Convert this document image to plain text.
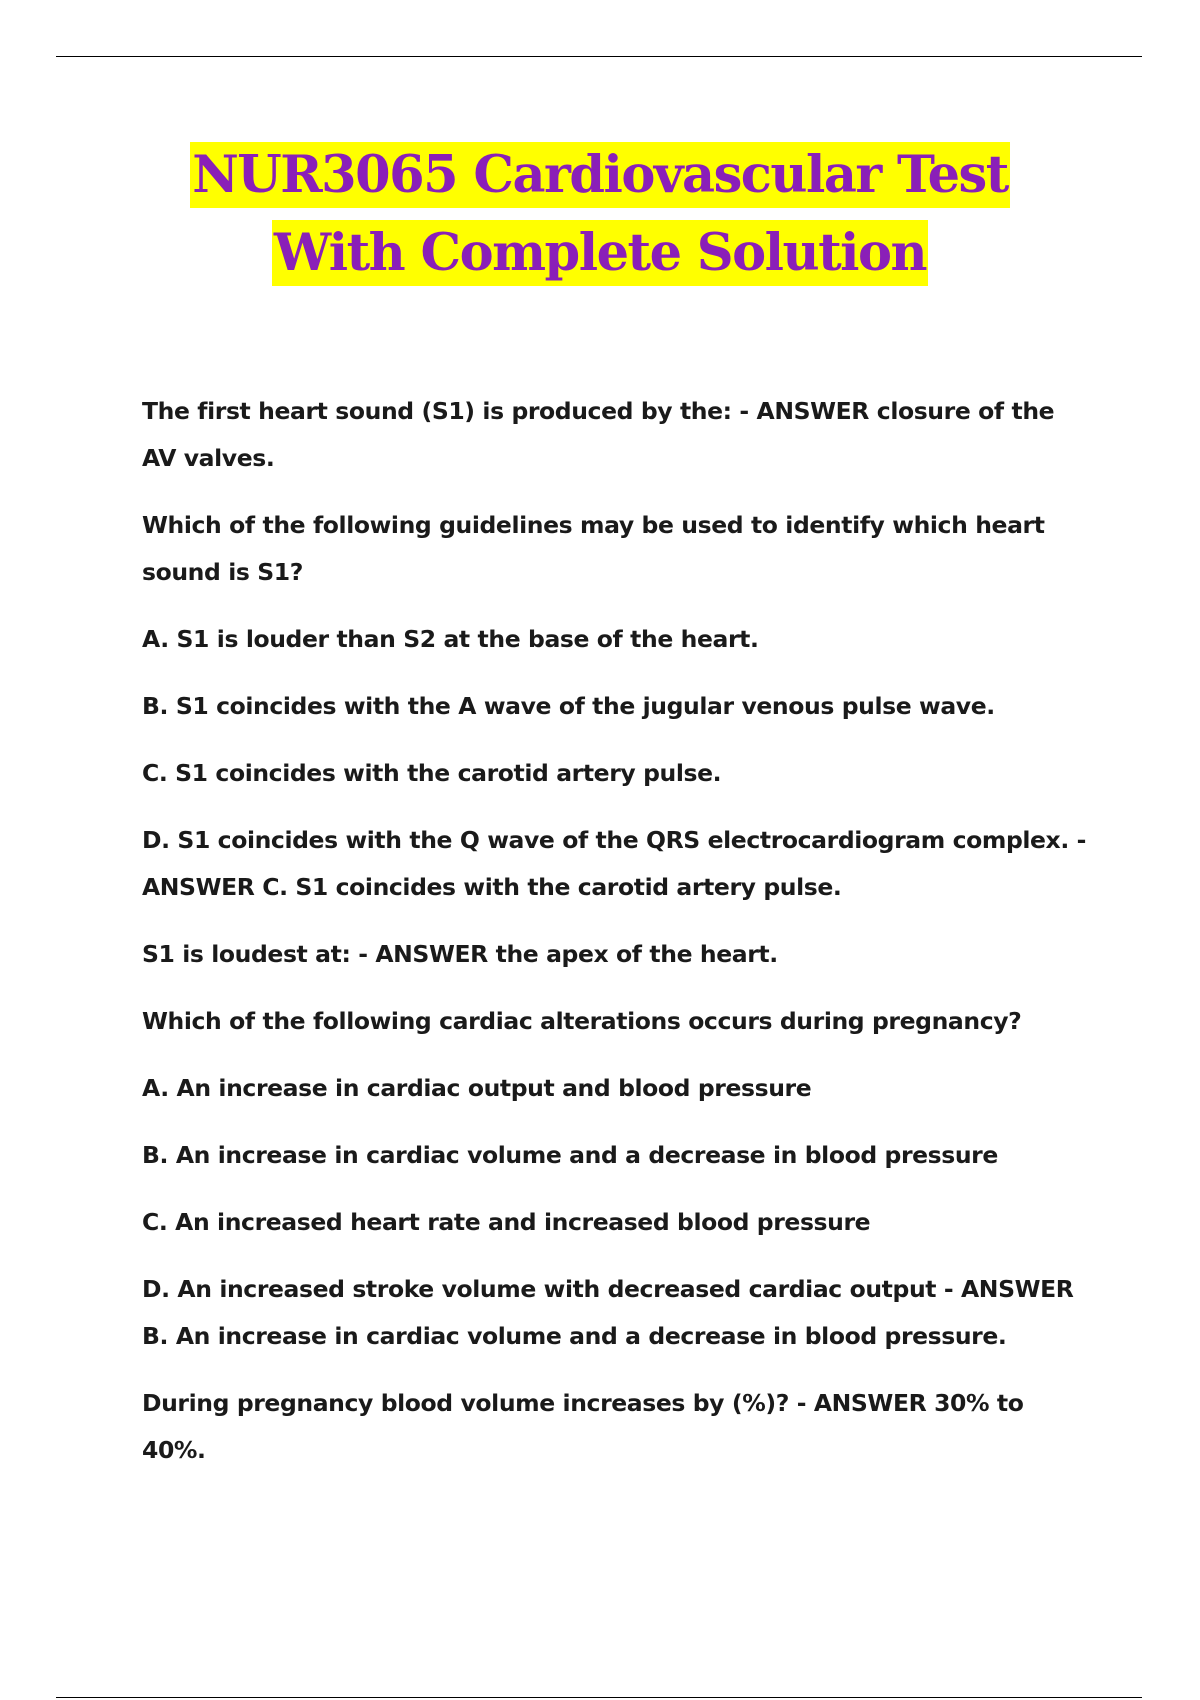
NUR3065 Cardiovascular Test
With Complete Solution

The first heart sound (S1) is produced by the: - ANSWER closure of the AV valves.

Which of the following guidelines may be used to identify which heart sound is S1?

A. S1 is louder than S2 at the base of the heart.

B. S1 coincides with the A wave of the jugular venous pulse wave.

C. S1 coincides with the carotid artery pulse.

D. S1 coincides with the Q wave of the QRS electrocardiogram complex. - ANSWER C. S1 coincides with the carotid artery pulse.

S1 is loudest at: - ANSWER the apex of the heart.

Which of the following cardiac alterations occurs during pregnancy?

A. An increase in cardiac output and blood pressure

B. An increase in cardiac volume and a decrease in blood pressure

C. An increased heart rate and increased blood pressure

D. An increased stroke volume with decreased cardiac output - ANSWER B. An increase in cardiac volume and a decrease in blood pressure.

During pregnancy blood volume increases by (%)? - ANSWER 30% to 40%.
